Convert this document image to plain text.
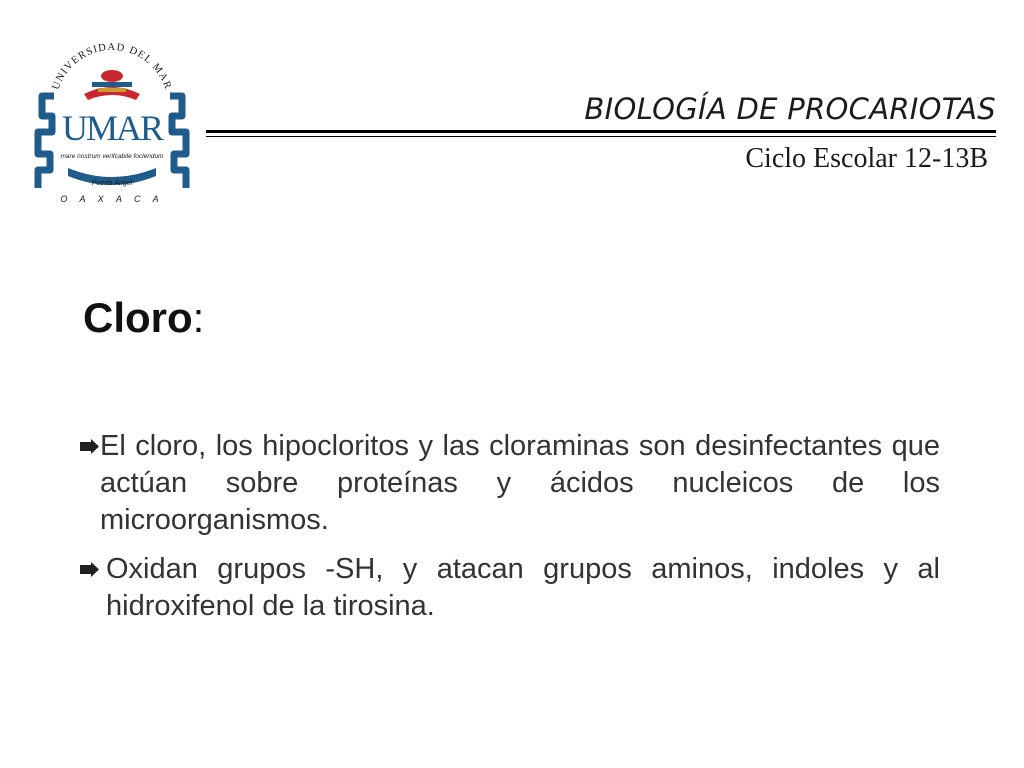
UNIVERSIDAD DEL MAR
UMAR
mare nostrum verifcabile foclendum
Puerto Ángel
O A X A C A
BIOLOGÍA DE PROCARIOTAS
Ciclo Escolar 12-13B
Cloro:
El cloro, los hipocloritos y las cloraminas son desinfectantes que actúan sobre proteínas y ácidos nucleicos de los microorganismos.
Oxidan grupos -SH, y atacan grupos aminos, indoles y al hidroxifenol de la tirosina.
